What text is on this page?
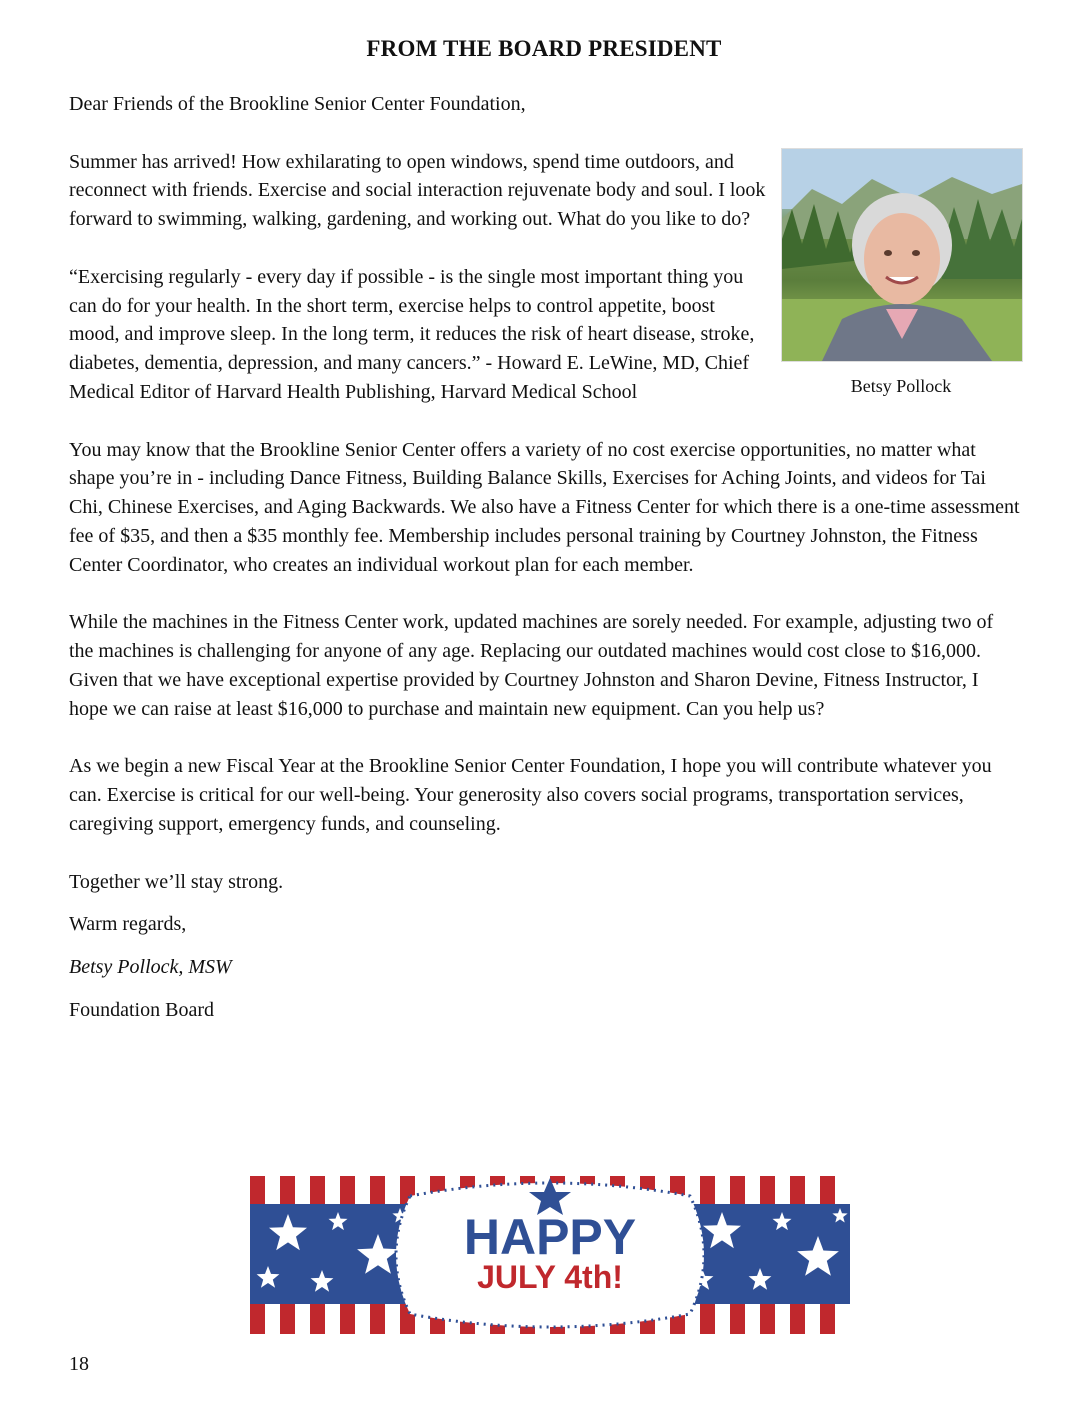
FROM THE BOARD PRESIDENT

Dear Friends of the Brookline Senior Center Foundation,

Betsy Pollock

Summer has arrived! How exhilarating to open windows, spend time outdoors, and reconnect with friends. Exercise and social interaction rejuvenate body and soul. I look forward to swimming, walking, gardening, and working out. What do you like to do?

“Exercising regularly - every day if possible - is the single most important thing you can do for your health. In the short term, exercise helps to control appetite, boost mood, and improve sleep. In the long term, it reduces the risk of heart disease, stroke, diabetes, dementia, depression, and many cancers.” - Howard E. LeWine, MD, Chief Medical Editor of Harvard Health Publishing, Harvard Medical School

You may know that the Brookline Senior Center offers a variety of no cost exercise opportunities, no matter what shape you’re in - including Dance Fitness, Building Balance Skills, Exercises for Aching Joints, and videos for Tai Chi, Chinese Exercises, and Aging Backwards. We also have a Fitness Center for which there is a one-time assessment fee of $35, and then a $35 monthly fee. Membership includes personal training by Courtney Johnston, the Fitness Center Coordinator, who creates an individual workout plan for each member.

While the machines in the Fitness Center work, updated machines are sorely needed. For example, adjusting two of the machines is challenging for anyone of any age. Replacing our outdated machines would cost close to $16,000. Given that we have exceptional expertise provided by Courtney Johnston and Sharon Devine, Fitness Instructor, I hope we can raise at least $16,000 to purchase and maintain new equipment. Can you help us?

As we begin a new Fiscal Year at the Brookline Senior Center Foundation, I hope you will contribute whatever you can. Exercise is critical for our well-being. Your generosity also covers social programs, transportation services, caregiving support, emergency funds, and counseling.

Together we’ll stay strong.

Warm regards,

Betsy Pollock, MSW

Foundation Board

HAPPY
JULY 4th!
18
